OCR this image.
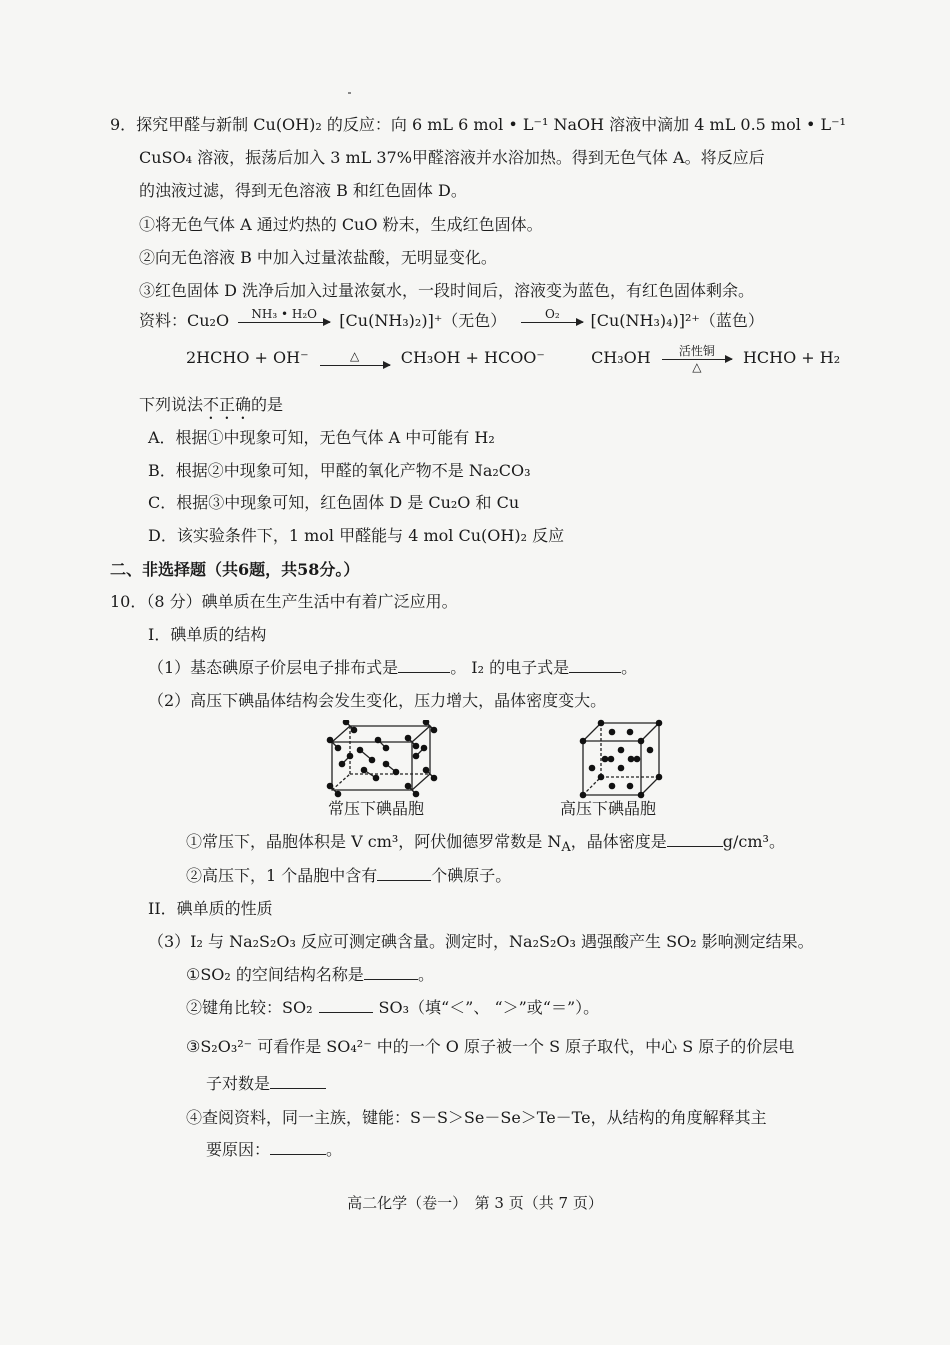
9．探究甲醛与新制 Cu(OH)₂ 的反应：向 6 mL 6 mol • L⁻¹ NaOH 溶液中滴加 4 mL 0.5 mol • L⁻¹
CuSO₄ 溶液，振荡后加入 3 mL 37%甲醛溶液并水浴加热。得到无色气体 A。将反应后
的浊液过滤，得到无色溶液 B 和红色固体 D。
①将无色气体 A 通过灼热的 CuO 粉末，生成红色固体。
②向无色溶液 B 中加入过量浓盐酸，无明显变化。
③红色固体 D 洗净后加入过量浓氨水，一段时间后，溶液变为蓝色，有红色固体剩余。
资料：Cu₂O	NH₃ • H₂O
	[Cu(NH₃)₂)]⁺（无色）	O₂
	[Cu(NH₃)₄)]²⁺（蓝色）
2HCHO + OH⁻
	△	CH₃OH + HCOO⁻	CH₃OH	活性铜
△	HCHO + H₂
下列说法不正确的是
A．根据①中现象可知，无色气体 A 中可能有 H₂
B．根据②中现象可知，甲醛的氧化产物不是 Na₂CO₃
C．根据③中现象可知，红色固体 D 是 Cu₂O 和 Cu
D．该实验条件下，1 mol 甲醛能与 4 mol Cu(OH)₂ 反应
二、非选择题（共6题，共58分。）
10．（8 分）碘单质在生产生活中有着广泛应用。
I．碘单质的结构
（1）基态碘原子价层电子排布式是	。 I₂ 的电子式是	。
（2）高压下碘晶体结构会发生变化，压力增大，晶体密度变大。
常压下碘晶胞	高压下碘晶胞
①常压下，晶胞体积是 V cm³，阿伏伽德罗常数是 $N_A$，晶体密度是	g/cm³。
②高压下，1 个晶胞中含有	个碘原子。
II．碘单质的性质
（3）I₂ 与 Na₂S₂O₃ 反应可测定碘含量。测定时，Na₂S₂O₃ 遇强酸产生 SO₂ 影响测定结果。
①SO₂ 的空间结构名称是	。
②键角比较：SO₂	SO₃（填“＜”、 “＞”或“＝”）。
③S₂O₃²⁻ 可看作是 SO₄²⁻ 中的一个 O 原子被一个 S 原子取代，中心 S 原子的价层电
子对数是
④查阅资料，同一主族，键能：S－S＞Se－Se＞Te－Te，从结构的角度解释其主
要原因：	。
高二化学（卷一）　第 3 页（共 7 页）
